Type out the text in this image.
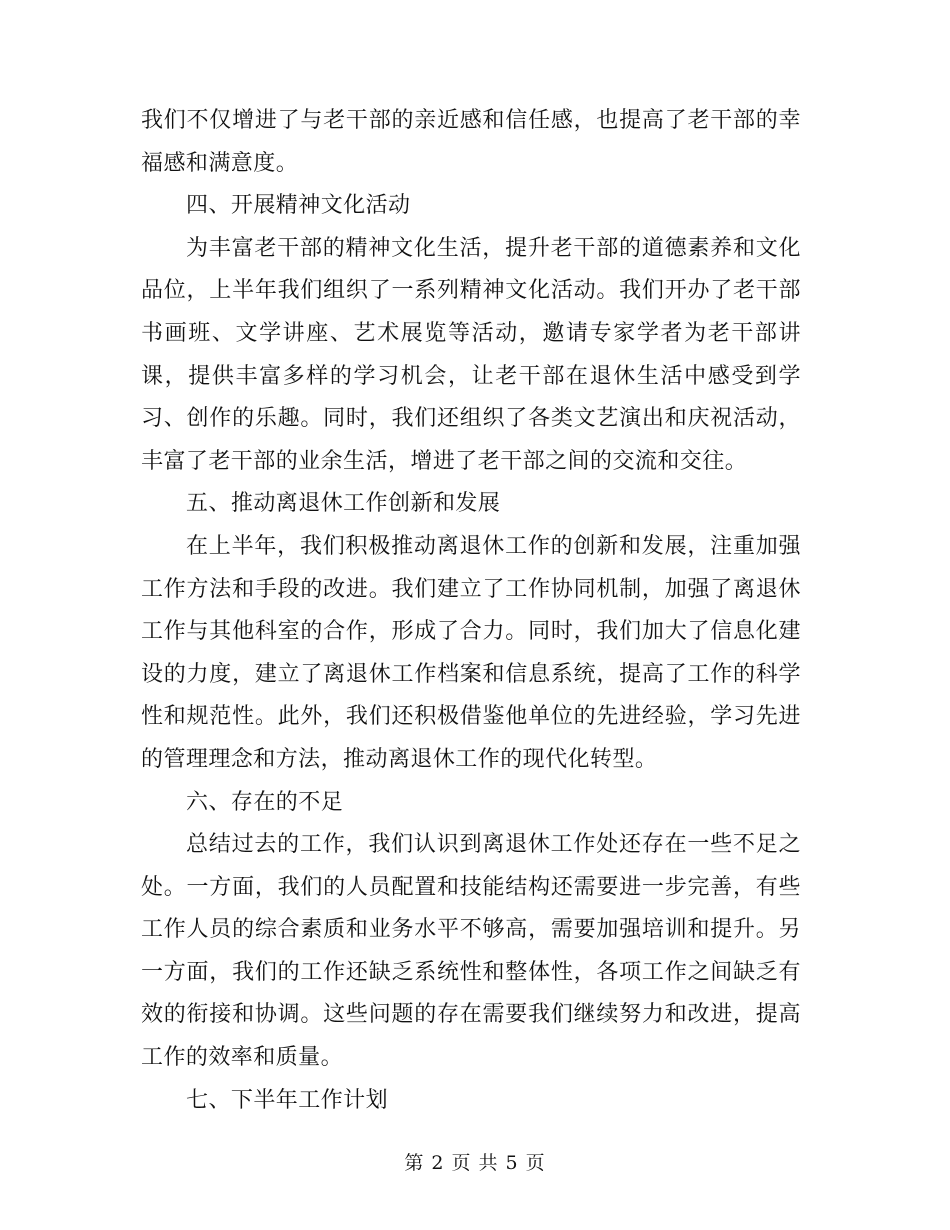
我们不仅增进了与老干部的亲近感和信任感，也提高了老干部的幸福感和满意度。

四、开展精神文化活动

为丰富老干部的精神文化生活，提升老干部的道德素养和文化品位，上半年我们组织了一系列精神文化活动。我们开办了老干部书画班、文学讲座、艺术展览等活动，邀请专家学者为老干部讲课，提供丰富多样的学习机会，让老干部在退休生活中感受到学习、创作的乐趣。同时，我们还组织了各类文艺演出和庆祝活动，丰富了老干部的业余生活，增进了老干部之间的交流和交往。

五、推动离退休工作创新和发展

在上半年，我们积极推动离退休工作的创新和发展，注重加强工作方法和手段的改进。我们建立了工作协同机制，加强了离退休工作与其他科室的合作，形成了合力。同时，我们加大了信息化建设的力度，建立了离退休工作档案和信息系统，提高了工作的科学性和规范性。此外，我们还积极借鉴他单位的先进经验，学习先进的管理理念和方法，推动离退休工作的现代化转型。

六、存在的不足

总结过去的工作，我们认识到离退休工作处还存在一些不足之处。一方面，我们的人员配置和技能结构还需要进一步完善，有些工作人员的综合素质和业务水平不够高，需要加强培训和提升。另一方面，我们的工作还缺乏系统性和整体性，各项工作之间缺乏有效的衔接和协调。这些问题的存在需要我们继续努力和改进，提高工作的效率和质量。

七、下半年工作计划

第 2 页 共 5 页
